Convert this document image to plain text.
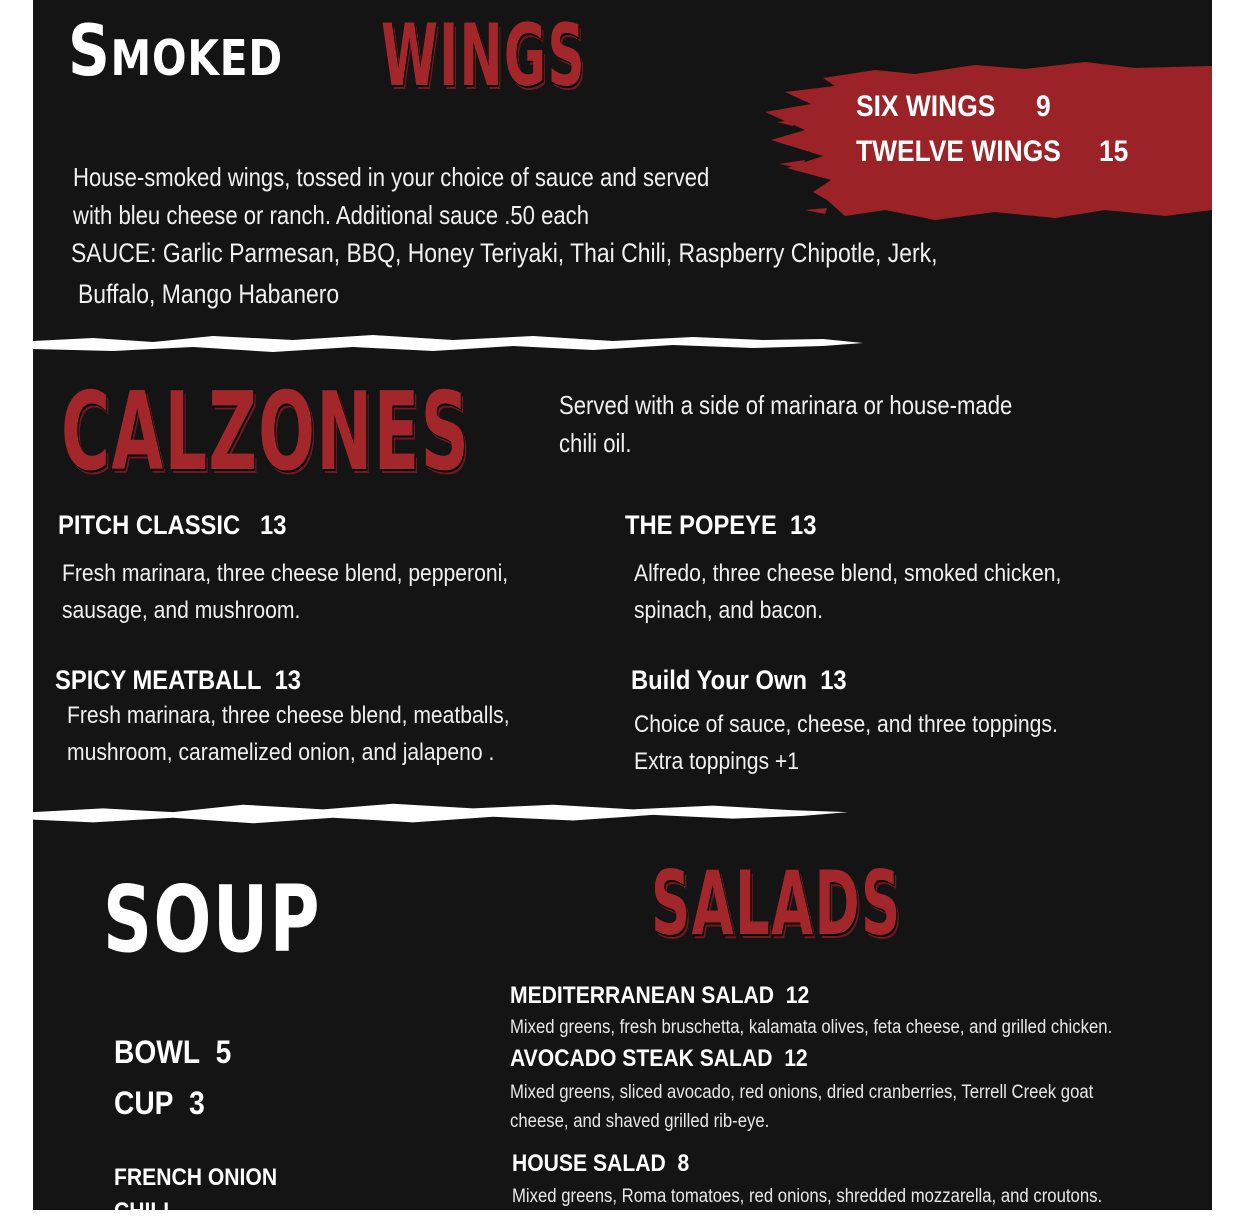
Smoked WINGS
SIX WINGS 9
TWELVE WINGS 15
House-smoked wings, tossed in your choice of sauce and served
with bleu cheese or ranch. Additional sauce .50 each
SAUCE: Garlic Parmesan, BBQ, Honey Teriyaki, Thai Chili, Raspberry Chipotle, Jerk,
Buffalo, Mango Habanero
CALZONES	Served with a side of marinara or house-made
chili oil.
PITCH CLASSIC 13
Fresh marinara, three cheese blend, pepperoni, sausage, and mushroom.
THE POPEYE 13
Alfredo, three cheese blend, smoked chicken, spinach, and bacon.
SPICY MEATBALL 13
Fresh marinara, three cheese blend, meatballs, mushroom, caramelized onion, and jalapeno .
Build Your Own 13
Choice of sauce, cheese, and three toppings. Extra toppings +1
SOUP
BOWL 5
CUP 3
FRENCH ONION
CHILI
SALADS
MEDITERRANEAN SALAD 12
Mixed greens, fresh bruschetta, kalamata olives, feta cheese, and grilled chicken.
AVOCADO STEAK SALAD 12
Mixed greens, sliced avocado, red onions, dried cranberries, Terrell Creek goat cheese, and shaved grilled rib-eye.
HOUSE SALAD 8
Mixed greens, Roma tomatoes, red onions, shredded mozzarella, and croutons.
